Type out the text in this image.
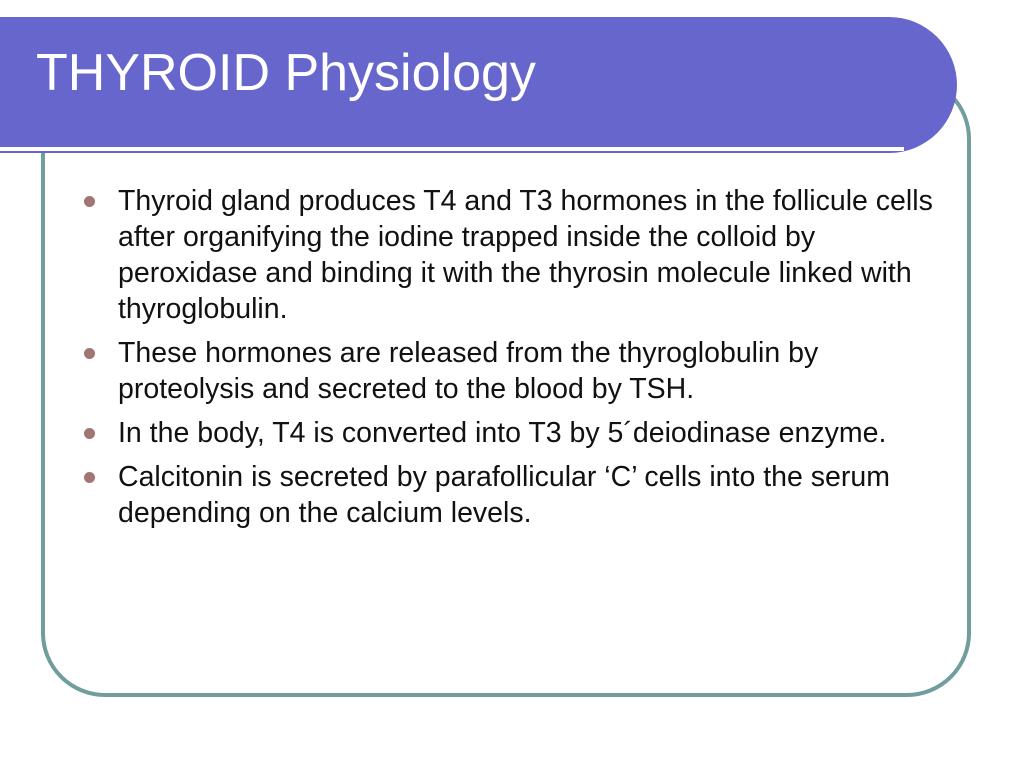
THYROID Physiology
Thyroid gland produces T4 and T3 hormones in the follicule cells after organifying the iodine trapped inside the colloid by peroxidase and binding it with the thyrosin molecule linked with thyroglobulin.
These hormones are released from the thyroglobulin by proteolysis and secreted to the blood by TSH.
In the body, T4 is converted into T3 by 5´deiodinase enzyme.
Calcitonin is secreted by parafollicular ‘C’ cells into the serum depending on the calcium levels.
